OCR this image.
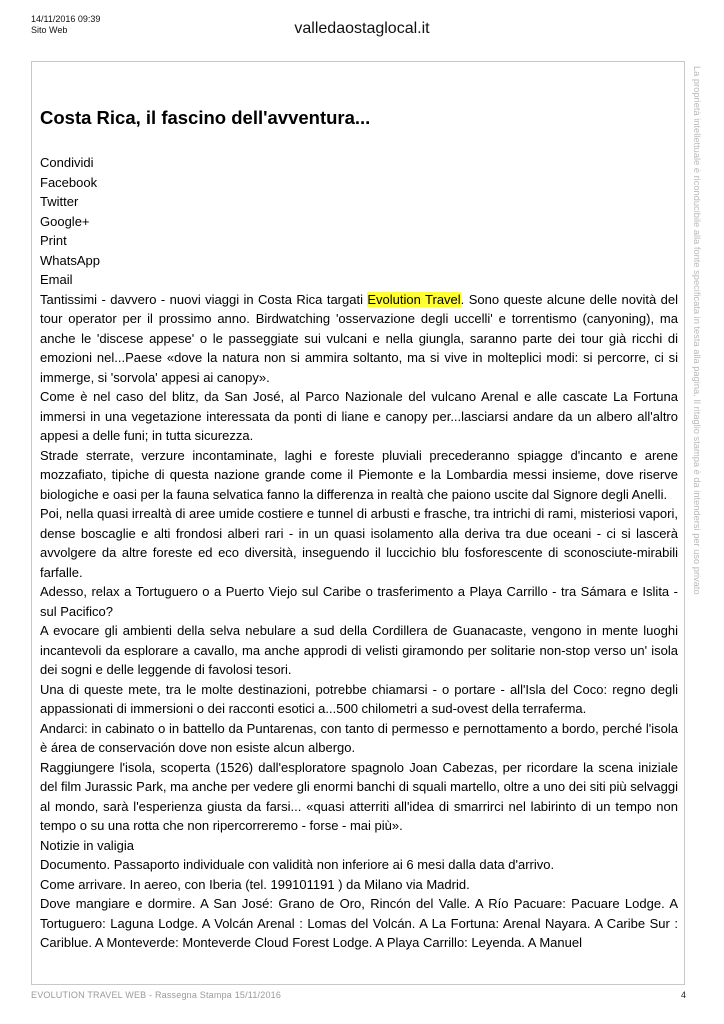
14/11/2016 09:39
Sito Web	valledaostaglocal.it
Costa Rica, il fascino dell'avventura...
Condividi
Facebook
Twitter
Google+
Print
WhatsApp
Email

Tantissimi - davvero - nuovi viaggi in Costa Rica targati Evolution Travel. Sono queste alcune delle novità del tour operator per il prossimo anno. Birdwatching 'osservazione degli uccelli' e torrentismo (canyoning), ma anche le 'discese appese' o le passeggiate sui vulcani e nella giungla, saranno parte dei tour già ricchi di emozioni nel...Paese «dove la natura non si ammira soltanto, ma si vive in molteplici modi: si percorre, ci si immerge, si 'sorvola' appesi ai canopy».

Come è nel caso del blitz, da San José, al Parco Nazionale del vulcano Arenal e alle cascate La Fortuna immersi in una vegetazione interessata da ponti di liane e canopy per...lasciarsi andare da un albero all'altro appesi a delle funi; in tutta sicurezza.

Strade sterrate, verzure incontaminate, laghi e foreste pluviali precederanno spiagge d'incanto e arene mozzafiato, tipiche di questa nazione grande come il Piemonte e la Lombardia messi insieme, dove riserve biologiche e oasi per la fauna selvatica fanno la differenza in realtà che paiono uscite dal Signore degli Anelli.

Poi, nella quasi irrealtà di aree umide costiere e tunnel di arbusti e frasche, tra intrichi di rami, misteriosi vapori, dense boscaglie e alti frondosi alberi rari - in un quasi isolamento alla deriva tra due oceani - ci si lascerà avvolgere da altre foreste ed eco diversità, inseguendo il luccichio blu fosforescente di sconosciute-mirabili farfalle.

Adesso, relax a Tortuguero o a Puerto Viejo sul Caribe o trasferimento a Playa Carrillo - tra Sámara e Islita - sul Pacifico?

A evocare gli ambienti della selva nebulare a sud della Cordillera de Guanacaste, vengono in mente luoghi incantevoli da esplorare a cavallo, ma anche approdi di velisti giramondo per solitarie non-stop verso un' isola dei sogni e delle leggende di favolosi tesori.

Una di queste mete, tra le molte destinazioni, potrebbe chiamarsi - o portare - all'Isla del Coco: regno degli appassionati di immersioni o dei racconti esotici a...500 chilometri a sud-ovest della terraferma.

Andarci: in cabinato o in battello da Puntarenas, con tanto di permesso e pernottamento a bordo, perché l'isola è área de conservación dove non esiste alcun albergo.

Raggiungere l'isola, scoperta (1526) dall'esploratore spagnolo Joan Cabezas, per ricordare la scena iniziale del film Jurassic Park, ma anche per vedere gli enormi banchi di squali martello, oltre a uno dei siti più selvaggi al mondo, sarà l'esperienza giusta da farsi... «quasi atterriti all'idea di smarrirci nel labirinto di un tempo non tempo o su una rotta che non ripercorreremo - forse - mai più».

Notizie in valigia

Documento. Passaporto individuale con validità non inferiore ai 6 mesi dalla data d'arrivo.

Come arrivare. In aereo, con Iberia (tel. 199101191 ) da Milano via Madrid.

Dove mangiare e dormire. A San José: Grano de Oro, Rincón del Valle. A Río Pacuare: Pacuare Lodge. A Tortuguero: Laguna Lodge. A Volcán Arenal : Lomas del Volcán. A La Fortuna: Arenal Nayara. A Caribe Sur : Cariblue. A Monteverde: Monteverde Cloud Forest Lodge. A Playa Carrillo: Leyenda. A Manuel

La proprietà intellettuale è riconducibile alla fonte specificata in testa alla pagina. Il ritaglio stampa è da intendersi per uso privato
EVOLUTION TRAVEL WEB - Rassegna Stampa 15/11/2016	4
